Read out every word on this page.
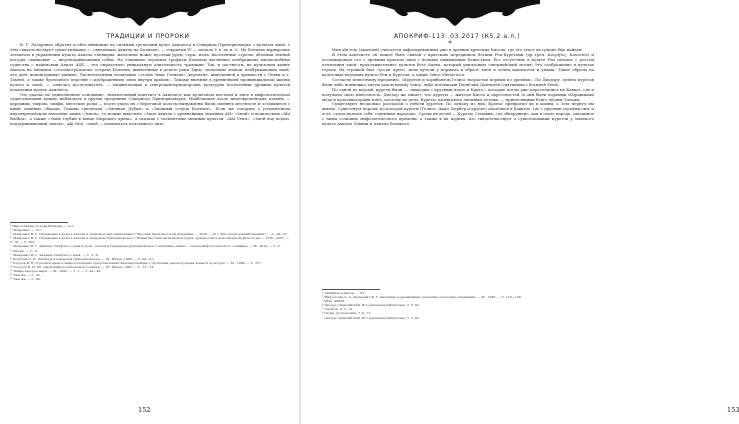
ТРАДИЦИИ И ПРОРОКИ

В. Г. Лазаренко обратил особое внимание на сильный греческий культ Ахиллеса в Северном Причерноморье с культом змей, о чём свидетельствует существование «...святилища Ахилла на Белизне» — открытия IV — начала V в. до н. э.. На Белизне варварские элементы в управлении культа Ахилла очевидны: железные ножи, кусочки руды, серы, мела, насеченные стрелы, обломки лепной посуды, свинцовые — жертвоприношения собак. На глиняных черепках графиты Белизны явственно изображены змееподобные существа с надписями Ахилл АХЕ..., что определяло уникальную длительность традиции. Так, в частности, на культовом камне Ахилла на змеином «стольноградском» острове Белизна, вынесенные в дельте реки Тиры, скопление знаков, изображающих змей, что даёт неповторимые данные. Тысячелетиями почитание «стопы Змеи Гловена» (вероятно, выведенной в древности с Левки и т. Тамен), а также бронзового перстня с изображением змеи внутри храмов». Таковы явления в древнейшей провинциальной жизни культа и змей, — отмечал исследователь, — выдвигающих в северопричерноморских культурах носителями древних культов почитания культа Ахиллеса.

Это далеко не единственное основание. Значительный контекст в Ахиллесе как культовом местном и змее в мифологическом существовании можно наблюдать в других преданиях Северного Причерноморья. Наибольшая часть индоевропейских племён — дардании, тавроы, скифы, меотские роды — после ухода их с береговой полосы вынуждены были сменить местность и оставшиеся с ними змеиные обычаи. Таковы греческая «Змеиная Дубки» и «Змеиный остров Белизне». Если же говорить о религиозном индоевропейском значении таких «Змеев», то можно выделить «Змея Ахилла с древнейшим змеиным АН» «Змей» и ведическим «Ahi Budhni», а также «Змей глубин в венце Мирового древа», в сказках с элементами змеиных культов: «Ahi Vrtra», «Змей под водою, поддерживающий землю»; Ahi Vala, «змей — похититель подземного дня».

¹ Имя хозяина острова Белизна. — О.Г.
² Лазаренко. — О.Г.
³ Лазаренко В. Г. Отражение в культе Ахилла в черноморских памятниках // Вестник Черноморской Академии. — 2016. — № 1 (20) (электронный вариант). — С. 24—27.
⁴ Лазаренко В. Г. Отражение в культе Ахилла в Северном Причерноморье // Новый Вестник Античной истории, древностей и классической филологии. — СПб., 2015. — Т. 18. — С. 305.
⁵ Лазаренко В. Г. Анахиль Скифского змея и культ Ахилла в Северном Причерноморье // Античные знаки — основа мифологического сознания. — М., 2013. — С. 5.
⁶ Там же. — С. 6.
⁷ Лазаренко В. Г. Анахиль Скифского змея. — С. 5—6.
⁸ Трубачёв О. Н. Indoarica в Северном Причерноморье. — М.: Наука, 1999. — С. 90—91.
⁹ Топоров В. Н. О религиозных и мифологических представлениях индоевропейцев // Проблемы реконструкции языка и культуры. — М., 1986. — С. 237.
¹⁰ Топоров В. Н. Об одном мифологическом источнике. — М.: Наука, 1982. — С. 73—74.
¹¹ Мифы народов мира. — М., 1992. — Т. 1. — С. 42—43.
¹² Там же. — С. 42.
¹³ Там же. — С. 43.
152
АПОКРИФ-113: 03.2017 (К5.2 а.л.)
*

Имя ahi-roiu (Ахиллей) считается хафисированным уже в древних критских Кносах, где его текст на грядке был найден.

В этом контексте он может быть связан с критским мередианом богини Реа-Куретами (др.-греч. Κουρῆτες, Kouretes) и ассоциировать его с древним культом змея с вечным оживающим божеством. Его отсутствие в культе Реи связано с ростом почитания змей, продолжительное культов бога Ахена, который уничтожил олюмпийский мотив. Это отображение в культах героев. Их стражей был «досек Ареи», коих кутали у кормила в образе змей и огнём кашалотов и умами. Такие образы на культовых изделиях культа Реи и Куретов, а также Зевса Мегистоса.

Согласно известному преданию, «Куретов и корибантов Гелиос возрастил первым из древних». По Диодору, девять куретов были либо немножко змеем дедом юному Зевсу, либо потомками Идейских Дактилей (связанных с богиней Реей).

По одной из версий, куреты были — «выходцы с крутыми плато в Крите», которые потом уже переселились на Кавказ, где и получили свою известность. Диодор же пишет, что куреты — жители Кноса и окрестностей, и они были первыми сборщиками мёда и культиваторами пчёл, поэтому их дети, Куреты, назывались змеиным детьми, — приносящими благо людям Эллады.

Существуют несколько рассказов о гибели куретов. По одному из них, Кронос превратил их в камни, а Зевс вернул им жизнь. Существует версия, по которой куреты (Гелиос, Ахил, Кербер и другие) оказались в Кавказе, где с другими героями они, и есть, стали назвать себя «змеиным народом». Среди их детей — Куреты, Сильвии, где обнаружено, как в сказе народа, связанное с ними сознание мифологического времени, а также в их корнях, что свидетельствует о существовании куретов у змеиного культа Ахилла Левкия и Ахилла Беликого.

¹ Аннибале и Евсев. — О.Г.
² Мифология А. А. Лазаренко В. Г. Античные и древнейшие греческие культовые памятники. — М., 1985. — С. 116—128.
³ ХХХI. ХХХIII.
⁴ Диодор Сицилийский. Историческая библиотека. Т. V. 64.
⁵ Страбон. X. 3. 19.
⁶ Гигин. Астрономия. Т. II. 13.
⁷ Диодор Сицилийский. Историческая библиотека. Т. V. 65.
153
